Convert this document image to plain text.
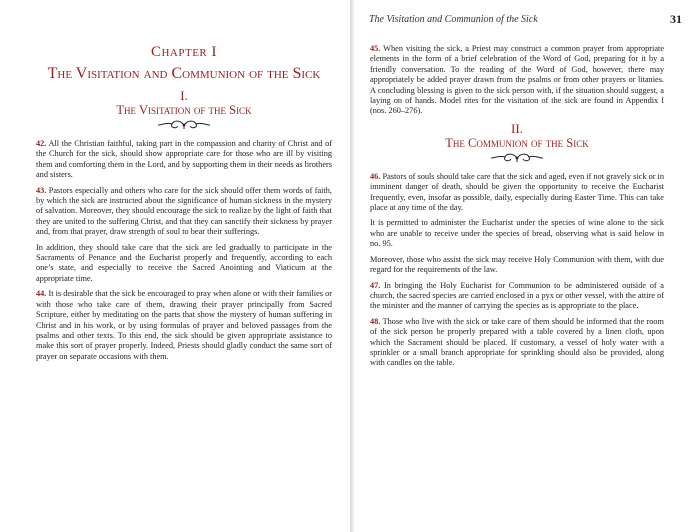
Chapter I
The Visitation and Communion of the Sick
I.
The Visitation of the Sick

42. All the Christian faithful, taking part in the compassion and charity of Christ and of the Church for the sick, should show appropriate care for those who are ill by visiting them and comforting them in the Lord, and by supporting them in their needs as brothers and sisters.

43. Pastors especially and others who care for the sick should offer them words of faith, by which the sick are instructed about the significance of human sickness in the mystery of salvation. Moreover, they should encourage the sick to realize by the light of faith that they are united to the suffering Christ, and that they can sanctify their sickness by prayer and, from that prayer, draw strength of soul to bear their sufferings.

In addition, they should take care that the sick are led gradually to participate in the Sacraments of Penance and the Eucharist properly and frequently, according to each one’s state, and especially to receive the Sacred Anointing and Viaticum at the appropriate time.

44. It is desirable that the sick be encouraged to pray when alone or with their families or with those who take care of them, drawing their prayer principally from Sacred Scripture, either by meditating on the parts that show the mystery of human suffering in Christ and in his work, or by using formulas of prayer and beloved passages from the psalms and other texts. To this end, the sick should be given appropriate assistance to make this sort of prayer properly. Indeed, Priests should gladly conduct the same sort of prayer on separate occasions with them.

The Visitation and Communion of the Sick	31

45. When visiting the sick, a Priest may construct a common prayer from appropriate elements in the form of a brief celebration of the Word of God, preparing for it by a friendly conversation. To the reading of the Word of God, however, there may appropriately be added prayer drawn from the psalms or from other prayers or litanies. A concluding blessing is given to the sick person with, if the situation should suggest, a laying on of hands. Model rites for the visitation of the sick are found in Appendix I (nos. 260–276).

II.
The Communion of the Sick

46. Pastors of souls should take care that the sick and aged, even if not gravely sick or in imminent danger of death, should be given the opportunity to receive the Eucharist frequently, even, insofar as possible, daily, especially during Easter Time. This can take place at any time of the day.

It is permitted to administer the Eucharist under the species of wine alone to the sick who are unable to receive under the species of bread, observing what is said below in no. 95.

Moreover, those who assist the sick may receive Holy Communion with them, with due regard for the requirements of the law.

47. In bringing the Holy Eucharist for Communion to be administered outside of a church, the sacred species are carried enclosed in a pyx or other vessel, with the attire of the minister and the manner of carrying the species as is appropriate to the place.

48. Those who live with the sick or take care of them should be informed that the room of the sick person be properly prepared with a table covered by a linen cloth, upon which the Sacrament should be placed. If customary, a vessel of holy water with a sprinkler or a small branch appropriate for sprinkling should also be provided, along with candles on the table.
